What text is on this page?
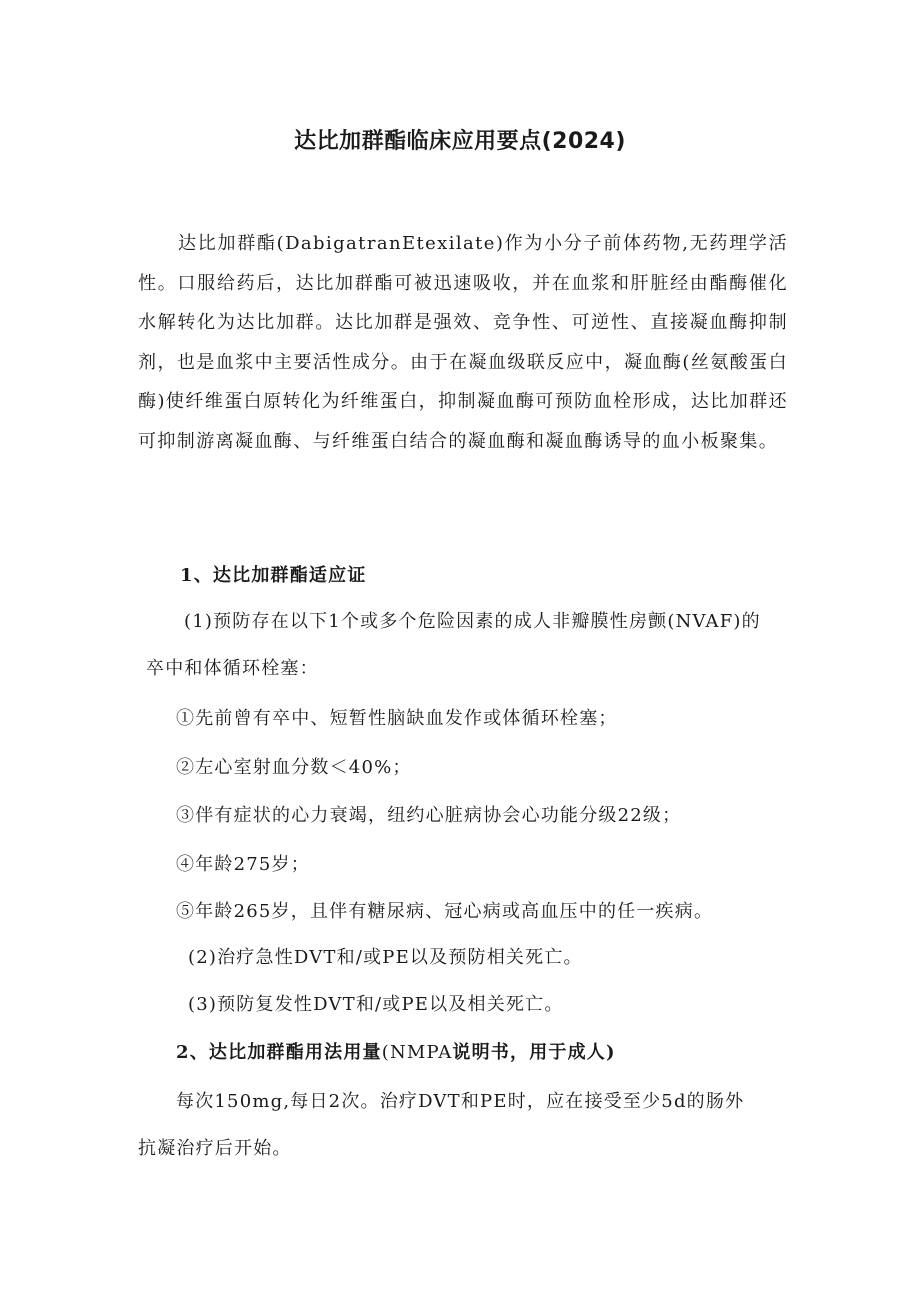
达比加群酯临床应用要点(2024)

达比加群酯(DabigatranEtexilate)作为小分子前体药物,无药理学活性。口服给药后，达比加群酯可被迅速吸收，并在血浆和肝脏经由酯酶催化水解转化为达比加群。达比加群是强效、竞争性、可逆性、直接凝血酶抑制剂，也是血浆中主要活性成分。由于在凝血级联反应中，凝血酶(丝氨酸蛋白酶)使纤维蛋白原转化为纤维蛋白，抑制凝血酶可预防血栓形成，达比加群还可抑制游离凝血酶、与纤维蛋白结合的凝血酶和凝血酶诱导的血小板聚集。

1、达比加群酯适应证

(1)预防存在以下1个或多个危险因素的成人非瓣膜性房颤(NVAF)的

卒中和体循环栓塞：

①先前曾有卒中、短暂性脑缺血发作或体循环栓塞；

②左心室射血分数＜40%；

③伴有症状的心力衰竭，纽约心脏病协会心功能分级22级；

④年龄275岁；

⑤年龄265岁，且伴有糖尿病、冠心病或高血压中的任一疾病。

(2)治疗急性DVT和/或PE以及预防相关死亡。

(3)预防复发性DVT和/或PE以及相关死亡。

2、达比加群酯用法用量(NMPA说明书，用于成人)

每次150mg,每日2次。治疗DVT和PE时，应在接受至少5d的肠外

抗凝治疗后开始。
